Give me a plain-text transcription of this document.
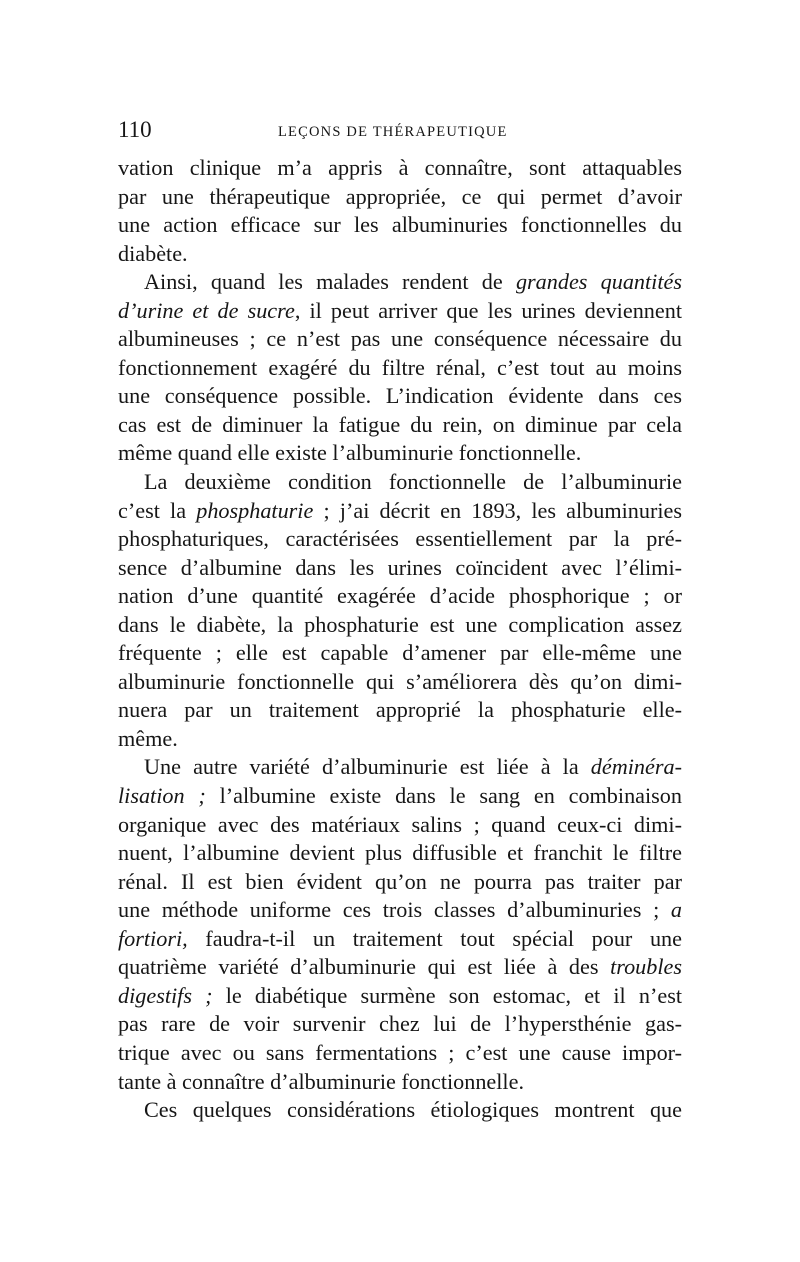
110	LEÇONS DE THÉRAPEUTIQUE
vation clinique m’a appris à connaître, sont attaquables
par une thérapeutique appropriée, ce qui permet d’avoir
une action efficace sur les albuminuries fonctionnelles du
diabète.
Ainsi, quand les malades rendent de grandes quantités
d’urine et de sucre, il peut arriver que les urines deviennent
albumineuses ; ce n’est pas une conséquence nécessaire du
fonctionnement exagéré du filtre rénal, c’est tout au moins
une conséquence possible. L’indication évidente dans ces
cas est de diminuer la fatigue du rein, on diminue par cela
même quand elle existe l’albuminurie fonctionnelle.
La deuxième condition fonctionnelle de l’albuminurie
c’est la phosphaturie ; j’ai décrit en 1893, les albuminuries
phosphaturiques, caractérisées essentiellement par la pré-
sence d’albumine dans les urines coïncident avec l’élimi-
nation d’une quantité exagérée d’acide phosphorique ; or
dans le diabète, la phosphaturie est une complication assez
fréquente ; elle est capable d’amener par elle-même une
albuminurie fonctionnelle qui s’améliorera dès qu’on dimi-
nuera par un traitement approprié la phosphaturie elle-
même.
Une autre variété d’albuminurie est liée à la déminéra-
lisation ; l’albumine existe dans le sang en combinaison
organique avec des matériaux salins ; quand ceux-ci dimi-
nuent, l’albumine devient plus diffusible et franchit le filtre
rénal. Il est bien évident qu’on ne pourra pas traiter par
une méthode uniforme ces trois classes d’albuminuries ; a
fortiori, faudra-t-il un traitement tout spécial pour une
quatrième variété d’albuminurie qui est liée à des troubles
digestifs ; le diabétique surmène son estomac, et il n’est
pas rare de voir survenir chez lui de l’hypersthénie gas-
trique avec ou sans fermentations ; c’est une cause impor-
tante à connaître d’albuminurie fonctionnelle.
Ces quelques considérations étiologiques montrent que
